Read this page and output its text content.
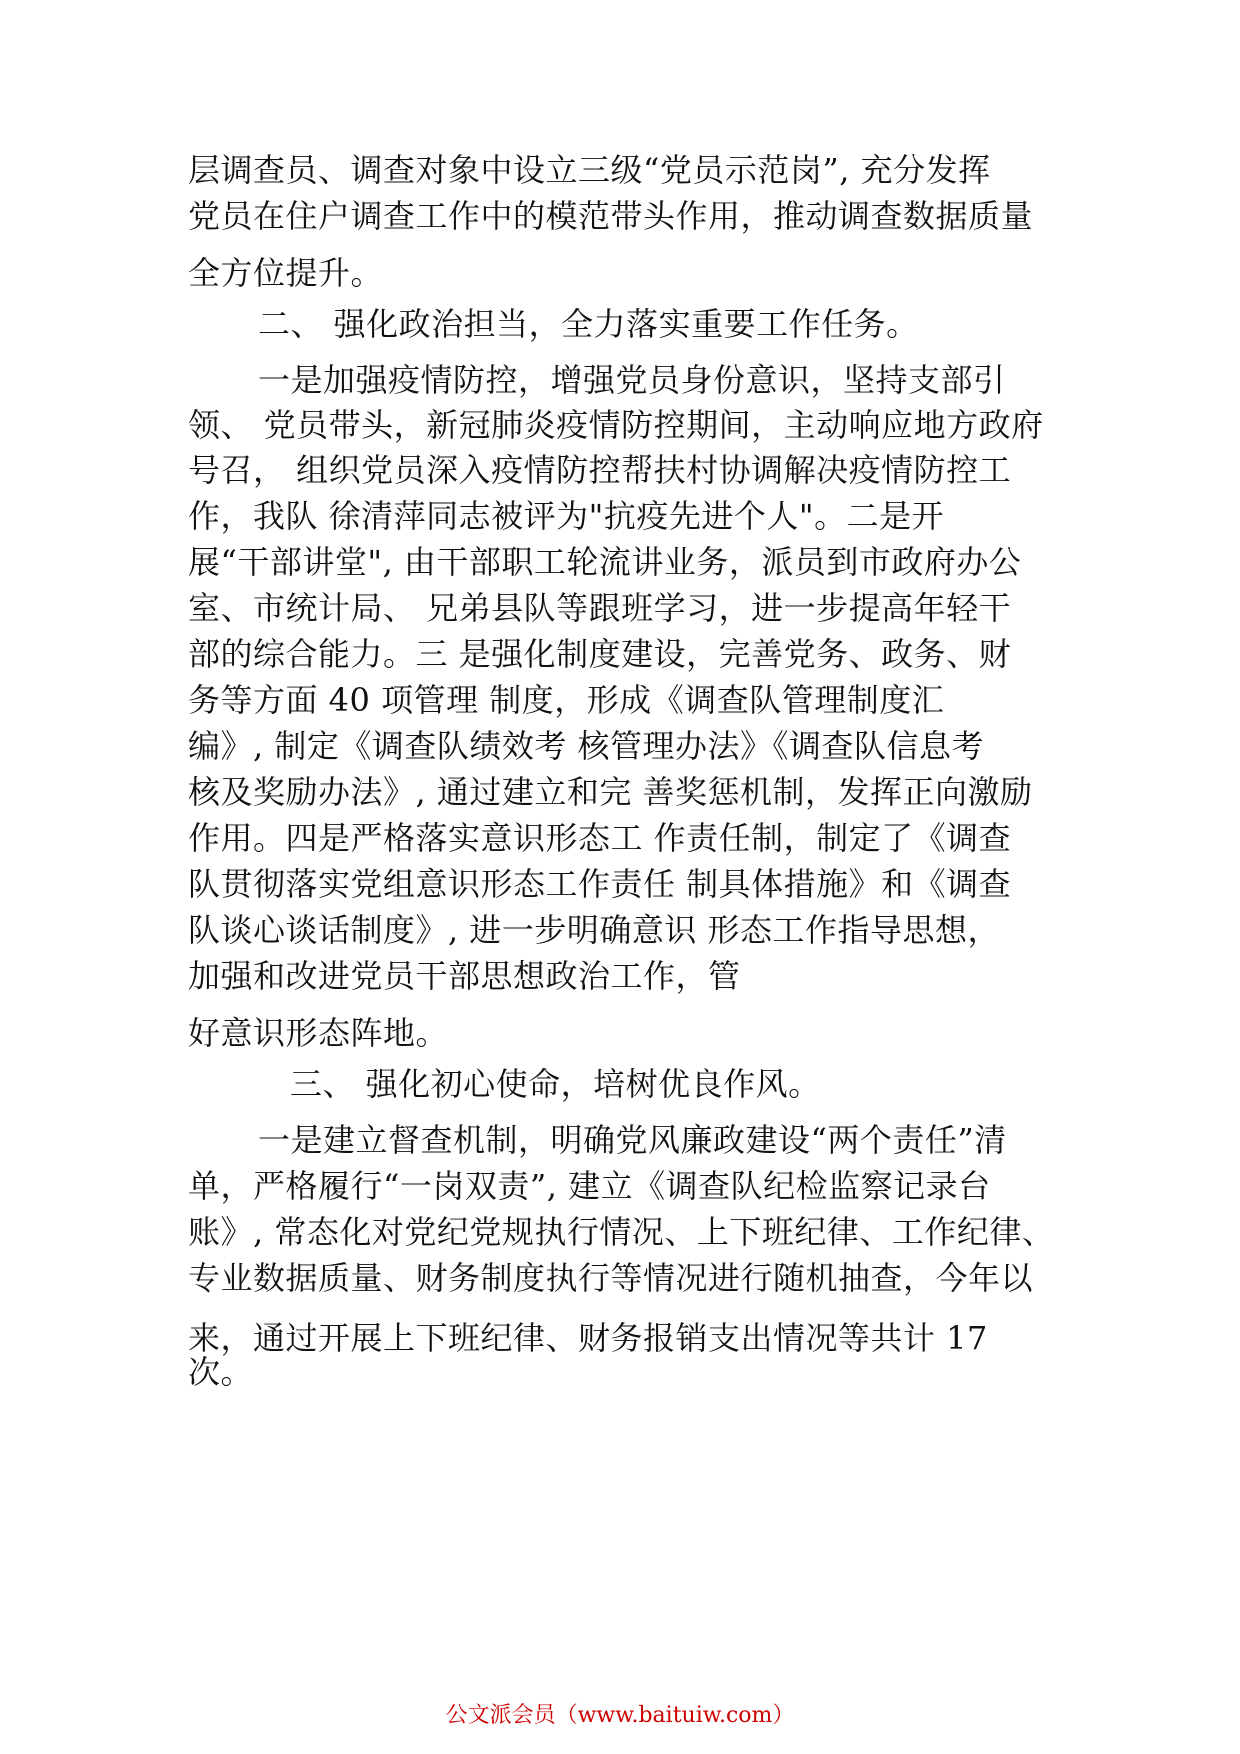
层调查员、调查对象中设立三级“党员示范岗”, 充分发挥
党员在住户调查工作中的模范带头作用，推动调查数据质量
全方位提升。
二、 强化政治担当，全力落实重要工作任务。
一是加强疫情防控，增强党员身份意识，坚持支部引
领、 党员带头，新冠肺炎疫情防控期间，主动响应地方政府
号召， 组织党员深入疫情防控帮扶村协调解决疫情防控工
作，我队 徐清萍同志被评为"抗疫先进个人"。二是开
展“干部讲堂", 由干部职工轮流讲业务，派员到市政府办公
室、市统计局、 兄弟县队等跟班学习，进一步提高年轻干
部的综合能力。三 是强化制度建设，完善党务、政务、财
务等方面 40 项管理 制度，形成《调查队管理制度汇
编》, 制定《调查队绩效考 核管理办法》《调查队信息考
核及奖励办法》, 通过建立和完 善奖惩机制，发挥正向激励
作用。四是严格落实意识形态工 作责任制，制定了《调查
队贯彻落实党组意识形态工作责任 制具体措施》和《调查
队谈心谈话制度》, 进一步明确意识 形态工作指导思想，
加强和改进党员干部思想政治工作，管
好意识形态阵地。
三、 强化初心使命，培树优良作风。
一是建立督查机制，明确党风廉政建设“两个责任”清
单，严格履行“一岗双责”, 建立《调查队纪检监察记录台
账》, 常态化对党纪党规执行情况、上下班纪律、工作纪律、
专业数据质量、财务制度执行等情况进行随机抽查，今年以
来，通过开展上下班纪律、财务报销支出情况等共计 17
次。
公文派会员（www.baituiw.com）
